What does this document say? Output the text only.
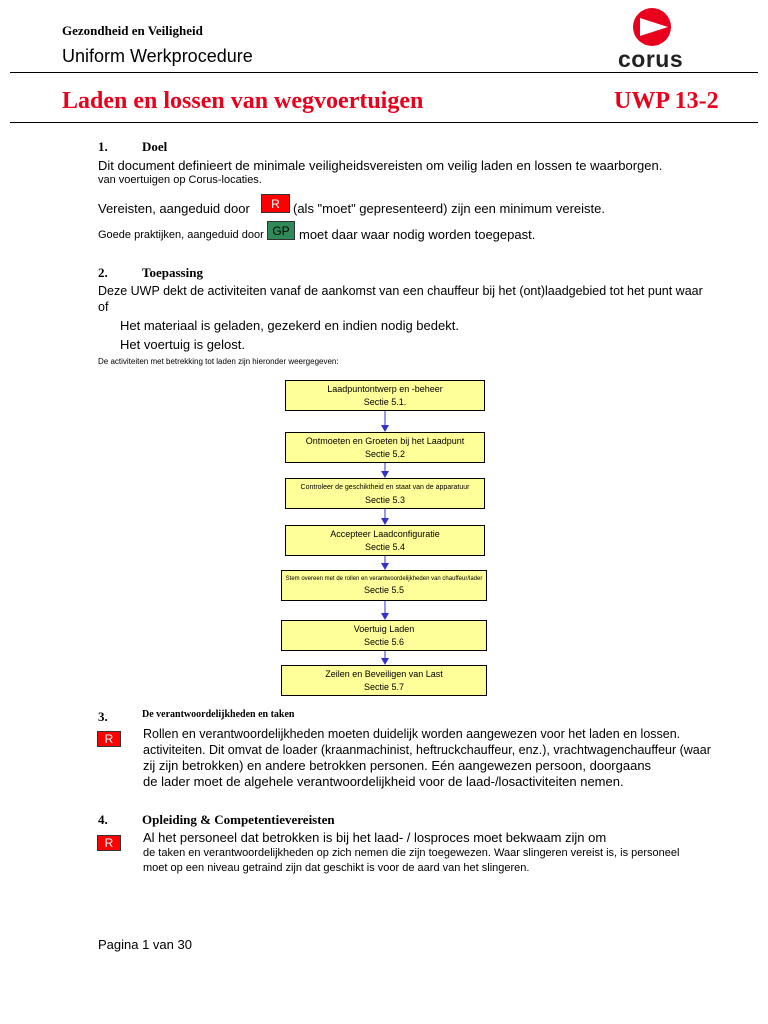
Gezondheid en Veiligheid
Uniform Werkprocedure	corus
Laden en lossen van wegvoertuigen	UWP 13-2
1.	Doel
Dit document definieert de minimale veiligheidsvereisten om veilig laden en lossen te waarborgen.
van voertuigen op Corus-locaties.
Vereisten, aangeduid door	R	(als "moet" gepresenteerd) zijn een minimum vereiste.
Goede praktijken, aangeduid door GP moet daar waar nodig worden toegepast.
2.	Toepassing
Deze UWP dekt de activiteiten vanaf de aankomst van een chauffeur bij het (ont)laadgebied tot het punt waar
of
Het materiaal is geladen, gezekerd en indien nodig bedekt.
Het voertuig is gelost.
De activiteiten met betrekking tot laden zijn hieronder weergegeven:
Laadpuntontwerp en -beheer
Sectie 5.1.
Ontmoeten en Groeten bij het Laadpunt
Sectie 5.2
Controleer de geschiktheid en staat van de apparatuur
Sectie 5.3
Accepteer Laadconfiguratie
Sectie 5.4
Stem overeen met de rollen en verantwoordelijkheden van chauffeur/lader
Sectie 5.5
Voertuig Laden
Sectie 5.6
Zeilen en Beveiligen van Last
Sectie 5.7
3.	De verantwoordelijkheden en taken
R	Rollen en verantwoordelijkheden moeten duidelijk worden aangewezen voor het laden en lossen.
activiteiten. Dit omvat de loader (kraanmachinist, heftruckchauffeur, enz.), vrachtwagenchauffeur (waar
zij zijn betrokken) en andere betrokken personen. Eén aangewezen persoon, doorgaans
de lader moet de algehele verantwoordelijkheid voor de laad-/losactiviteiten nemen.
4.	Opleiding & Competentievereisten
R	Al het personeel dat betrokken is bij het laad- / losproces moet bekwaam zijn om
de taken en verantwoordelijkheden op zich nemen die zijn toegewezen. Waar slingeren vereist is, is personeel
moet op een niveau getraind zijn dat geschikt is voor de aard van het slingeren.
Pagina 1 van 30
